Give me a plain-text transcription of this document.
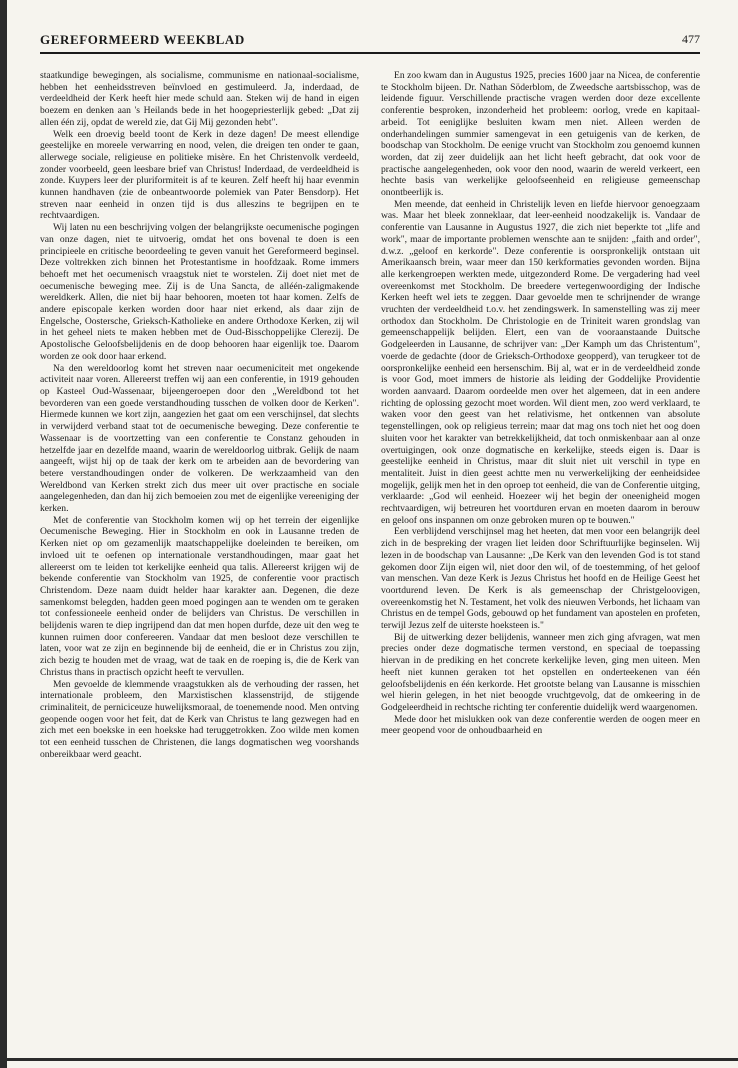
GEREFORMEERD WEEKBLAD	477

staatkundige bewegingen, als socialisme, communisme en nationaal-socialisme, hebben het eenheidsstreven beïnvloed en gestimuleerd. Ja, inderdaad, de verdeeldheid der Kerk heeft hier mede schuld aan. Steken wij de hand in eigen boezem en denken aan 's Heilands bede in het hoogepriesterlijk gebed: „Dat zij allen één zij, opdat de wereld zie, dat Gij Mij gezonden hebt".

Welk een droevig beeld toont de Kerk in deze dagen! De meest ellendige geestelijke en moreele verwarring en nood, velen, die dreigen ten onder te gaan, allerwege sociale, religieuse en politieke misère. En het Christenvolk verdeeld, zonder voorbeeld, geen leesbare brief van Christus! Inderdaad, de verdeeldheid is zonde. Kuypers leer der pluriformiteit is af te keuren. Zelf heeft hij haar evenmin kunnen handhaven (zie de onbeantwoorde polemiek van Pater Bensdorp). Het streven naar eenheid in onzen tijd is dus alleszins te begrijpen en te rechtvaardigen.

Wij laten nu een beschrijving volgen der belangrijkste oecumenische pogingen van onze dagen, niet te uitvoerig, omdat het ons bovenal te doen is een principieele en critische beoordeeling te geven vanuit het Gereformeerd beginsel. Deze voltrekken zich binnen het Protestantisme in hoofdzaak. Rome immers behoeft met het oecumenisch vraagstuk niet te worstelen. Zij doet niet met de oecumenische beweging mee. Zij is de Una Sancta, de alléén-zaligmakende wereldkerk. Allen, die niet bij haar behooren, moeten tot haar komen. Zelfs de andere episcopale kerken worden door haar niet erkend, als daar zijn de Engelsche, Oostersche, Grieksch-Katholieke en andere Orthodoxe Kerken, zij wil in het geheel niets te maken hebben met de Oud-Bisschoppelijke Clerezij. De Apostolische Geloofsbelijdenis en de doop behooren haar eigenlijk toe. Daarom worden ze ook door haar erkend.

Na den wereldoorlog komt het streven naar oecumeniciteit met ongekende activiteit naar voren. Allereerst treffen wij aan een conferentie, in 1919 gehouden op Kasteel Oud-Wassenaar, bijeengeroepen door den „Wereldbond tot het bevorderen van een goede verstandhouding tusschen de volken door de Kerken". Hiermede kunnen we kort zijn, aangezien het gaat om een verschijnsel, dat slechts in verwijderd verband staat tot de oecumenische beweging. Deze conferentie te Wassenaar is de voortzetting van een conferentie te Constanz gehouden in hetzelfde jaar en dezelfde maand, waarin de wereldoorlog uitbrak. Gelijk de naam aangeeft, wijst hij op de taak der kerk om te arbeiden aan de bevordering van betere verstandhoudingen onder de volkeren. De werkzaamheid van den Wereldbond van Kerken strekt zich dus meer uit over practische en sociale aangelegenheden, dan dan hij zich bemoeien zou met de eigenlijke vereeniging der kerken.

Met de conferentie van Stockholm komen wij op het terrein der eigenlijke Oecumenische Beweging. Hier in Stockholm en ook in Lausanne treden de Kerken niet op om gezamenlijk maatschappelijke doeleinden te bereiken, om invloed uit te oefenen op internationale verstandhoudingen, maar gaat het allereerst om te leiden tot kerkelijke eenheid qua talis. Allereerst krijgen wij de bekende conferentie van Stockholm van 1925, de conferentie voor practisch Christendom. Deze naam duidt helder haar karakter aan. Degenen, die deze samenkomst belegden, hadden geen moed pogingen aan te wenden om te geraken tot confessioneele eenheid onder de belijders van Christus. De verschillen in belijdenis waren te diep ingrijpend dan dat men hopen durfde, deze uit den weg te kunnen ruimen door confereeren. Vandaar dat men besloot deze verschillen te laten, voor wat ze zijn en beginnende bij de eenheid, die er in Christus zou zijn, zich bezig te houden met de vraag, wat de taak en de roeping is, die de Kerk van Christus thans in practisch opzicht heeft te vervullen.

Men gevoelde de klemmende vraagstukken als de verhouding der rassen, het internationale probleem, den Marxistischen klassenstrijd, de stijgende criminaliteit, de perniciceuze huwelijksmoraal, de toenemende nood. Men ontving geopende oogen voor het feit, dat de Kerk van Christus te lang gezwegen had en zich met een boekske in een hoekske had teruggetrokken. Zoo wilde men komen tot een eenheid tusschen de Christenen, die langs dogmatischen weg voorshands onbereikbaar werd geacht.

En zoo kwam dan in Augustus 1925, precies 1600 jaar na Nicea, de conferentie te Stockholm bijeen. Dr. Nathan Söderblom, de Zweedsche aartsbisschop, was de leidende figuur. Verschillende practische vragen werden door deze excellente conferentie besproken, inzonderheid het probleem: oorlog, vrede en kapitaal-arbeid. Tot eeniglijke besluiten kwam men niet. Alleen werden de onderhandelingen summier samengevat in een getuigenis van de kerken, de boodschap van Stockholm. De eenige vrucht van Stockholm zou genoemd kunnen worden, dat zij zeer duidelijk aan het licht heeft gebracht, dat ook voor de practische aangelegenheden, ook voor den nood, waarin de wereld verkeert, een hechte basis van werkelijke geloofseenheid en religieuse gemeenschap onontbeerlijk is.

Men meende, dat eenheid in Christelijk leven en liefde hiervoor genoegzaam was. Maar het bleek zonneklaar, dat leer-eenheid noodzakelijk is. Vandaar de conferentie van Lausanne in Augustus 1927, die zich niet beperkte tot „life and work", maar de importante problemen wenschte aan te snijden: „faith and order", d.w.z. „geloof en kerkorde". Deze conferentie is oorspronkelijk ontstaan uit Amerikaansch brein, waar meer dan 150 kerkformaties gevonden worden. Bijna alle kerkengroepen werkten mede, uitgezonderd Rome. De vergadering had veel overeenkomst met Stockholm. De breedere vertegenwoordiging der Indische Kerken heeft wel iets te zeggen. Daar gevoelde men te schrijnender de wrange vruchten der verdeeldheid t.o.v. het zendingswerk. In samenstelling was zij meer orthodox dan Stockholm. De Christologie en de Triniteit waren grondslag van gemeenschappelijk belijden. Elert, een van de vooraanstaande Duitsche Godgeleerden in Lausanne, de schrijver van: „Der Kamph um das Christentum", voerde de gedachte (door de Grieksch-Orthodoxe geopperd), van terugkeer tot de oorspronkelijke eenheid een hersenschim. Bij al, wat er in de verdeeldheid zonde is voor God, moet immers de historie als leiding der Goddelijke Providentie worden aanvaard. Daarom oordeelde men over het algemeen, dat in een andere richting de oplossing gezocht moet worden. Wil dient men, zoo werd verklaard, te waken voor den geest van het relativisme, het ontkennen van absolute tegenstellingen, ook op religieus terrein; maar dat mag ons toch niet het oog doen sluiten voor het karakter van betrekkelijkheid, dat toch onmiskenbaar aan al onze overtuigingen, ook onze dogmatische en kerkelijke, steeds eigen is. Daar is geestelijke eenheid in Christus, maar dit sluit niet uit verschil in type en mentaliteit. Juist in dien geest achtte men nu verwerkelijking der eenheidsidee mogelijk, gelijk men het in den oproep tot eenheid, die van de Conferentie uitging, verklaarde: „God wil eenheid. Hoezeer wij het begin der oneenigheid mogen rechtvaardigen, wij betreuren het voortduren ervan en moeten daarom in berouw en geloof ons inspannen om onze gebroken muren op te bouwen."

Een verblijdend verschijnsel mag het heeten, dat men voor een belangrijk deel zich in de bespreking der vragen liet leiden door Schriftuurlijke beginselen. Wij lezen in de boodschap van Lausanne: „De Kerk van den levenden God is tot stand gekomen door Zijn eigen wil, niet door den wil, of de toestemming, of het geloof van menschen. Van deze Kerk is Jezus Christus het hoofd en de Heilige Geest het voortdurend leven. De Kerk is als gemeenschap der Christgeloovigen, overeenkomstig het N. Testament, het volk des nieuwen Verbonds, het lichaam van Christus en de tempel Gods, gebouwd op het fundament van apostelen en profeten, terwijl Jezus zelf de uiterste hoeksteen is."

Bij de uitwerking dezer belijdenis, wanneer men zich ging afvragen, wat men precies onder deze dogmatische termen verstond, en speciaal de toepassing hiervan in de prediking en het concrete kerkelijke leven, ging men uiteen. Men heeft niet kunnen geraken tot het opstellen en onderteekenen van één geloofsbelijdenis en één kerkorde. Het grootste belang van Lausanne is misschien wel hierin gelegen, in het niet beoogde vruchtgevolg, dat de omkeering in de Godgeleerdheid in rechtsche richting ter conferentie duidelijk werd waargenomen.

Mede door het mislukken ook van deze conferentie werden de oogen meer en meer geopend voor de onhoudbaarheid en
